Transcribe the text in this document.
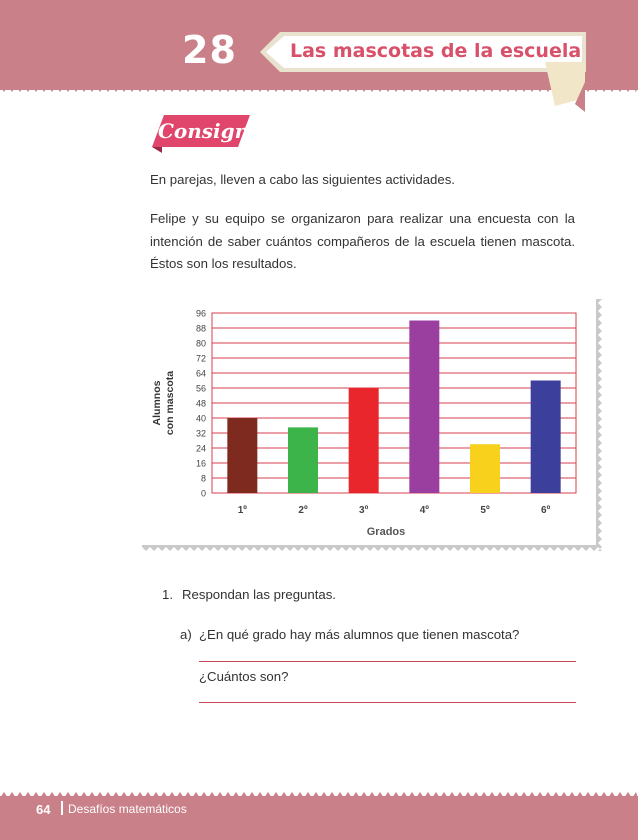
28	Las mascotas de la escuela
Consigna
En parejas, lleven a cabo las siguientes actividades.
Felipe y su equipo se organizaron para realizar una encuesta con la intención de saber cuántos compañeros de la escuela tienen mascota. Éstos son los resultados.
0
8
16
24
32
40
48
56
64
72
80
88
96
1º	2º	3º	4º	5º	6º
Grados
Alumnos con mascota
1. Respondan las preguntas.
a) ¿En qué grado hay más alumnos que tienen mascota?
¿Cuántos son?
64 Desafíos matemáticos
